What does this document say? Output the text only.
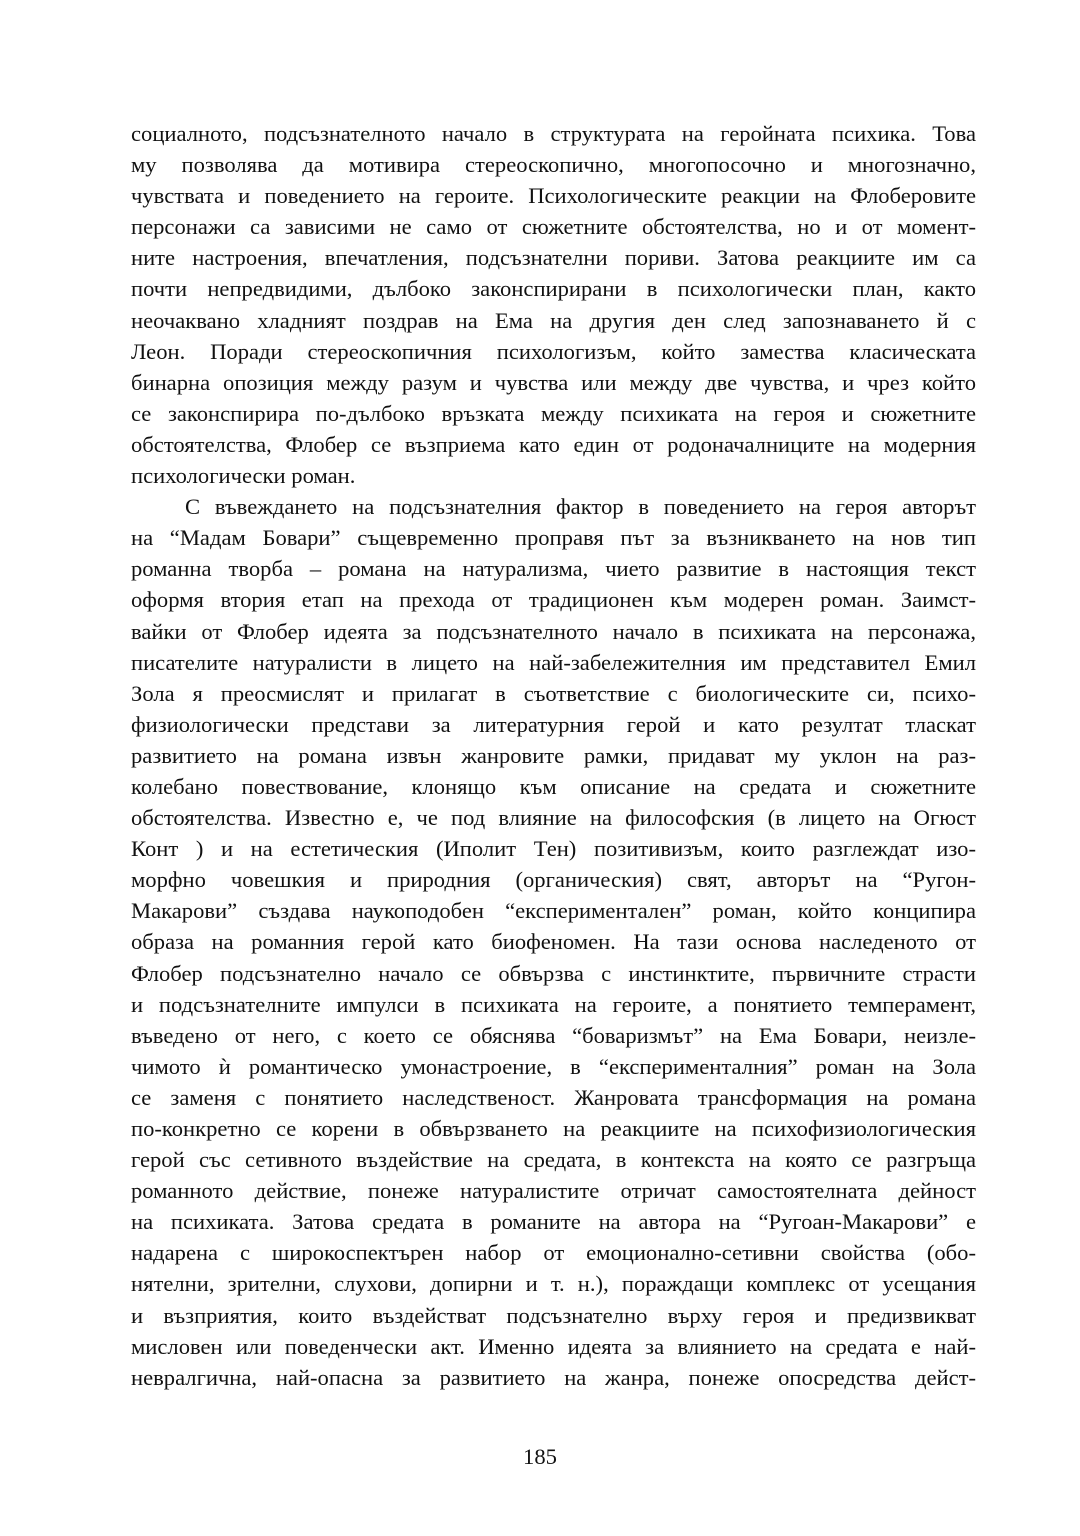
социалното, подсъзнателното начало в структурата на геройната психика. Това
му позволява да мотивира стереоскопично, многопосочно и многозначно,
чувствата и поведението на героите. Психологическите реакции на Флоберовите
персонажи са зависими не само от сюжетните обстоятелства, но и от момент-
ните настроения, впечатления, подсъзнателни пориви. Затова реакциите им са
почти непредвидими, дълбоко законспирирани в психологически план, както
неочаквано хладният поздрав на Ема на другия ден след запознаването й с
Леон. Поради стереоскопичния психологизъм, който замества класическата
бинарна опозиция между разум и чувства или между две чувства, и чрез който
се законспирира по-дълбоко връзката между психиката на героя и сюжетните
обстоятелства, Флобер се възприема като един от родоначалниците на модерния
психологически роман.
С въвеждането на подсъзнателния фактор в поведението на героя авторът
на “Мадам Бовари” същевременно проправя път за възникването на нов тип
романна творба – романа на натурализма, чието развитие в настоящия текст
оформя втория етап на прехода от традиционен към модерен роман. Заимст-
вайки от Флобер идеята за подсъзнателното начало в психиката на персонажа,
писателите натуралисти в лицето на най-забележителния им представител Емил
Зола я преосмислят и прилагат в съответствие с биологическите си, психо-
физиологически представи за литературния герой и като резултат тласкат
развитието на романа извън жанровите рамки, придават му уклон на раз-
колебано повествование, клонящо към описание на средата и сюжетните
обстоятелства. Известно е, че под влияние на философския (в лицето на Огюст
Конт ) и на естетическия (Иполит Тен) позитивизъм, които разглеждат изо-
морфно човешкия и природния (органическия) свят, авторът на “Ругон-
Макарови” създава наукоподобен “експериментален” роман, който конципира
образа на романния герой като биофеномен. На тази основа наследеното от
Флобер подсъзнателно начало се обвързва с инстинктите, първичните страсти
и подсъзнателните импулси в психиката на героите, а понятието темперамент,
въведено от него, с което се обяснява “боваризмът” на Ема Бовари, неизле-
чимото ѝ романтическо умонастроение, в “експерименталния” роман на Зола
се заменя с понятието наследственост. Жанровата трансформация на романа
по-конкретно се корени в обвързването на реакциите на психофизиологическия
герой със сетивното въздействие на средата, в контекста на която се разгръща
романното действие, понеже натуралистите отричат самостоятелната дейност
на психиката. Затова средата в романите на автора на “Ругоан-Макарови” е
надарена с широкоспектърен набор от емоционално-сетивни свойства (обо-
нятелни, зрителни, слухови, допирни и т. н.), пораждащи комплекс от усещания
и възприятия, които въздействат подсъзнателно върху героя и предизвикват
мисловен или поведенчески акт. Именно идеята за влиянието на средата е най-
невралгична, най-опасна за развитието на жанра, понеже опосредства дейст-
185
